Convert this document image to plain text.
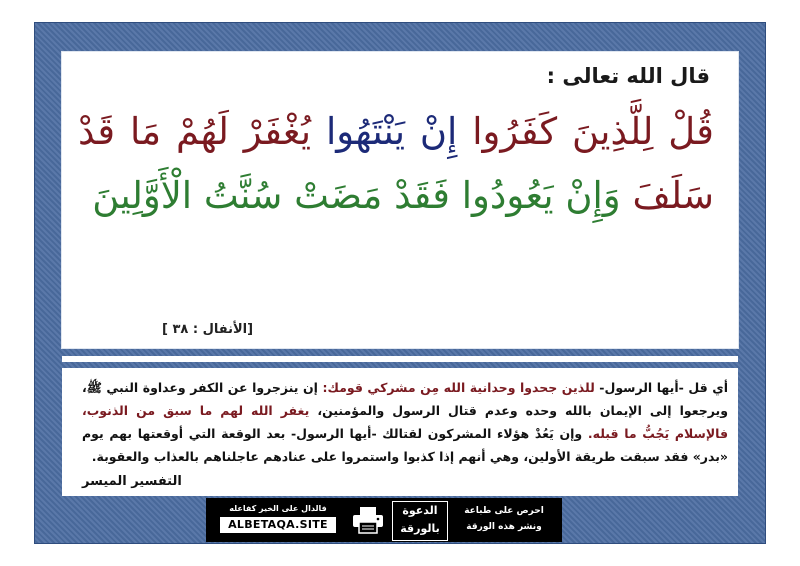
قال الله تعالى :

قُلْ لِلَّذِينَ كَفَرُوا إِنْ يَنْتَهُوا يُغْفَرْ لَهُمْ مَا قَدْ سَلَفَ وَإِنْ يَعُودُوا فَقَدْ مَضَتْ سُنَّتُ الْأَوَّلِينَ

[الأنفال : ٣٨ ]

أي قل -أيها الرسول- للذين جحدوا وحدانية الله مِن مشركي قومك: إن ينزجروا عن الكفر وعداوة النبي ﷺ، ويرجعوا إلى الإيمان بالله وحده وعدم قتال الرسول والمؤمنين، يغفر الله لهم ما سبق من الذنوب، فالإسلام يَجُبُّ ما قبله. وإن يَعُدْ هؤلاء المشركون لقتالك -أيها الرسول- بعد الوقعة التي أوقعتها بهم يوم «بدر» فقد سبقت طريقة الأولين، وهي أنهم إذا كذبوا واستمروا على عنادهم عاجلناهم بالعذاب والعقوبة.

التفسير الميسر

فالدال على الخير كفاعله
ALBETAQA.SITE
الدعوة
بالورقة
احرص على طباعة
ونشر هذه الورقة
